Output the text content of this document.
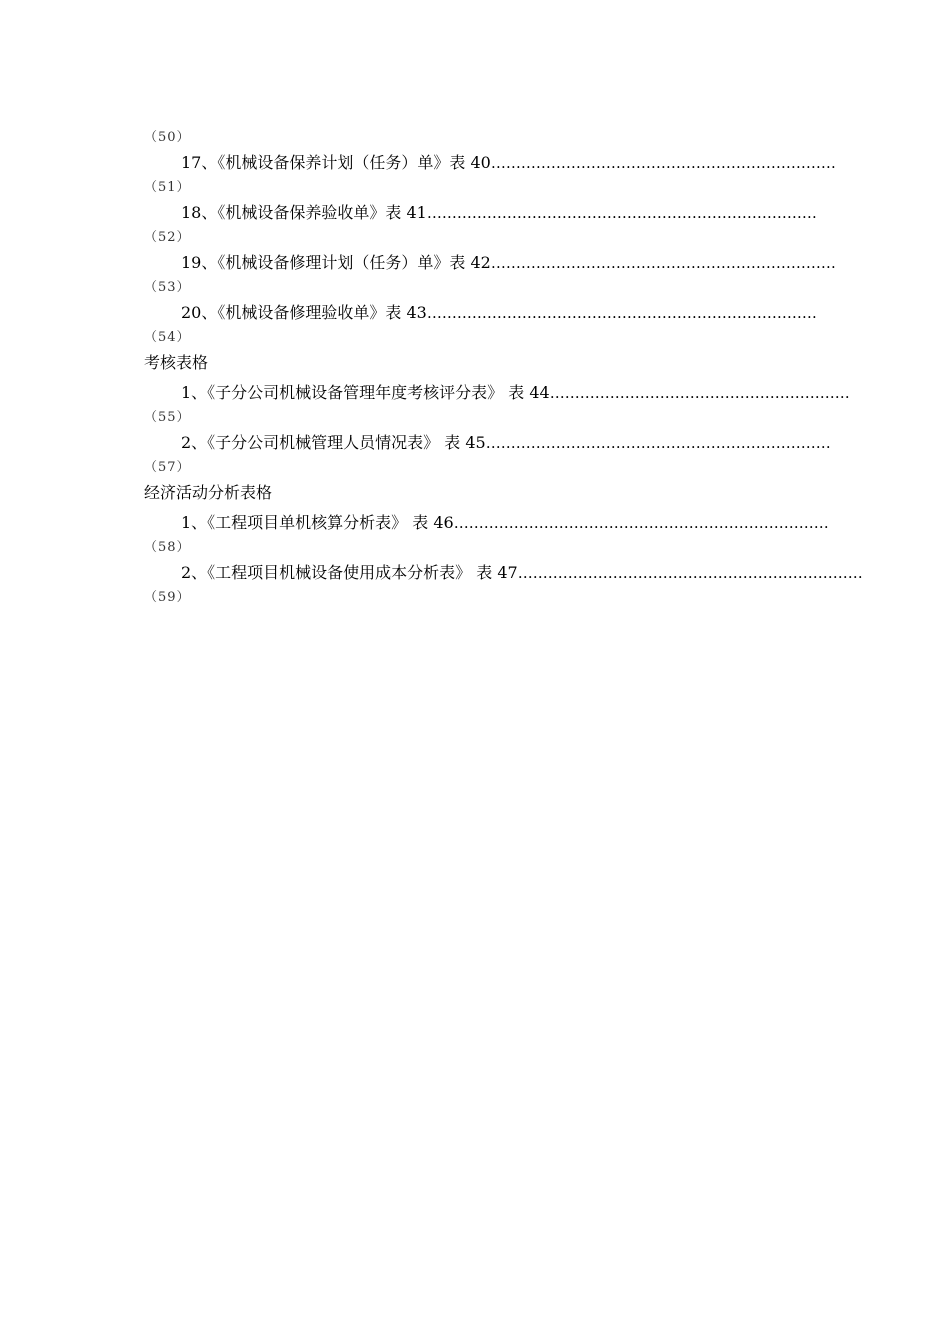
（50）
17、《机械设备保养计划（任务）单》表 40 ……………………………………………………………
（51）
18、《机械设备保养验收单》表 41 ……………………………………………………………………
（52）
19、《机械设备修理计划（任务）单》表 42 ……………………………………………………………
（53）
20、《机械设备修理验收单》表 43 ……………………………………………………………………
（54）
考核表格
1、《子分公司机械设备管理年度考核评分表》 表 44 ……………………………………………………
（55）
2、《子分公司机械管理人员情况表》 表 45 ……………………………………………………………
（57）
经济活动分析表格
1、《工程项目单机核算分析表》 表 46 …………………………………………………………………
（58）
2、《工程项目机械设备使用成本分析表》 表 47 ……………………………………………………………
（59）
